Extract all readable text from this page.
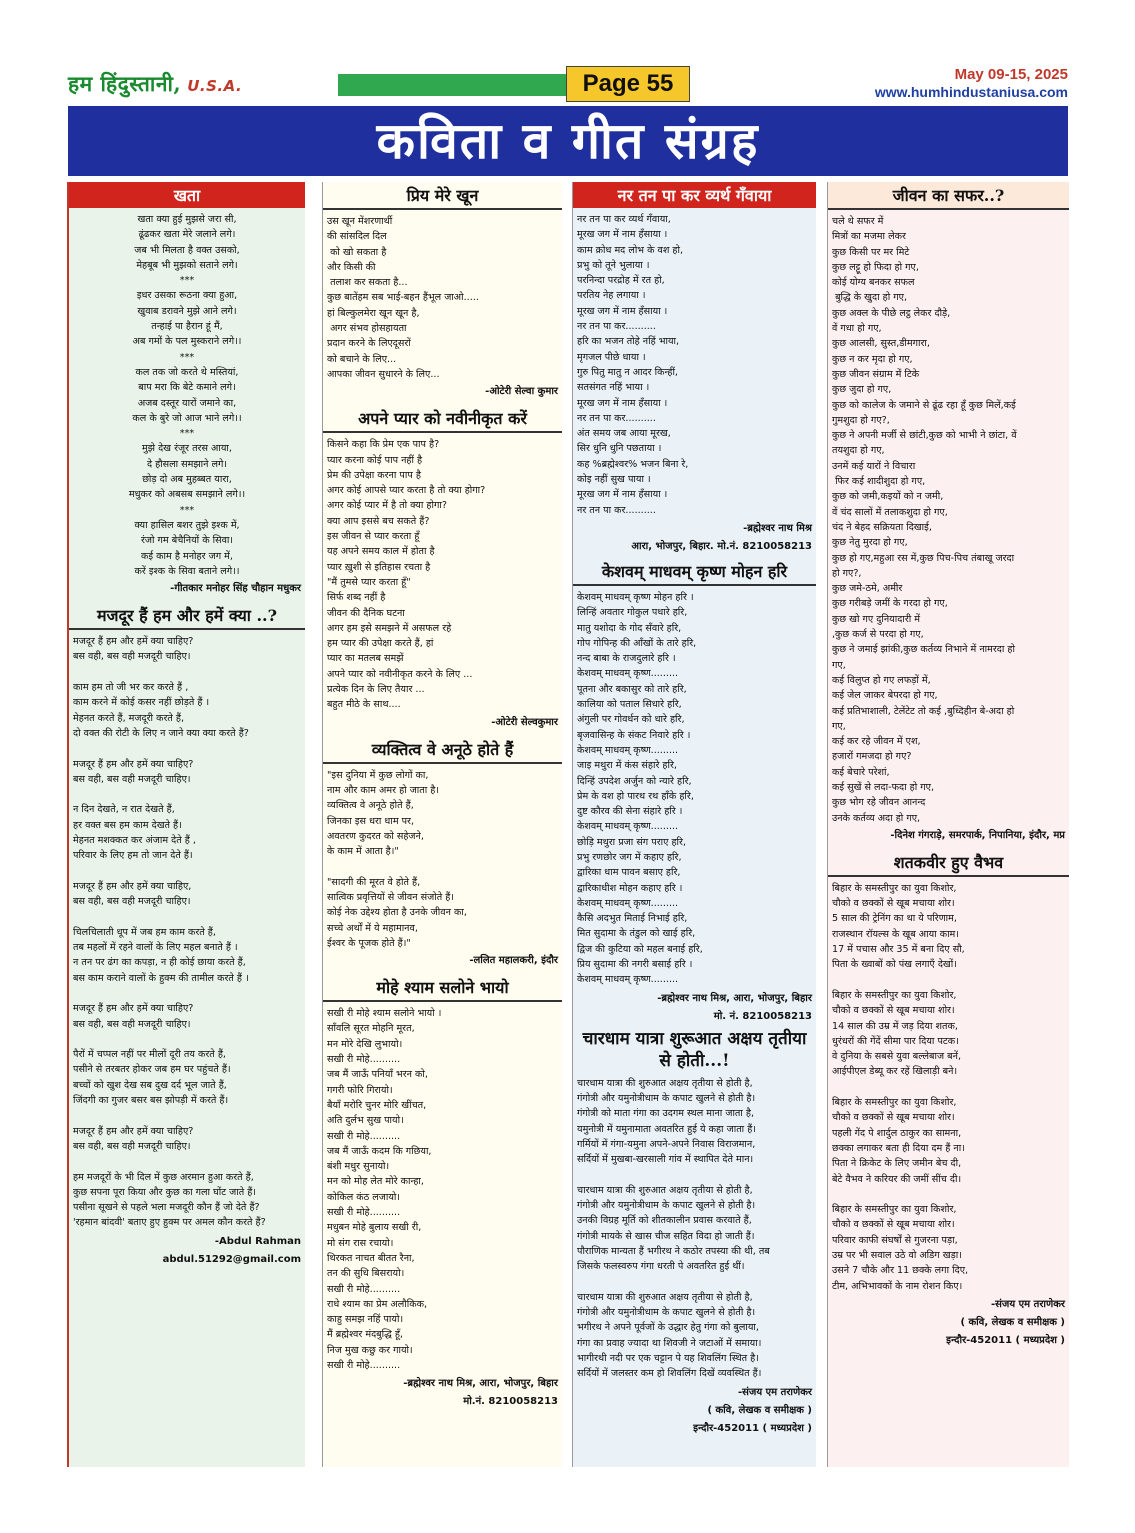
हम हिंदुस्तानी, U.S.A.	Page 55	May 09-15, 2025
www.humhindustaniusa.com
कविता व गीत संग्रह
खता
खता क्या हुई मुझसे जरा सी,
ढूंढकर खता मेरे जलाने लगे।
जब भी मिलता है वक्त उसको,
मेहबूब भी मुझको सताने लगे।
***
इधर उसका रूठना क्या हुआ,
खुवाब डरावने मुझे आने लगे।
तन्हाई पा हैरान हूं मैं,
अब गमों के पल मुस्कराने लगे।।
***
कल तक जो करते थे मस्तियां,
बाप मरा कि बेटे कमाने लगे।
अजब दस्तूर यारों जमाने का,
कल के बुरे जो आज भाने लगे।।
***
मुझे देख रंजूर तरस आया,
दे हौसला समझाने लगे।
छोड़ दो अब मुहब्बत यारा,
मधुकर को अबसब समझाने लगे।।
***
क्या हासिल बशर तुझे इश्क में,
रंजो गम बेचैनियों के सिवा।
कई काम है मनोहर जग में,
करें इश्क के सिवा बताने लगे।।
-गीतकार मनोहर सिंह चौहान मधुकर
मजदूर हैं हम और हमें क्या ..?
मजदूर हैं हम और हमें क्या चाहिए?
बस वही, बस वही मजदूरी चाहिए।

काम हम तो जी भर कर करते हैं ,
काम करने में कोई कसर नहीं छोड़ते हैं ।
मेहनत करते हैं, मजदूरी करते हैं,
दो वक्त की रोटी के लिए न जाने क्या क्या करते हैं?

मजदूर हैं हम और हमें क्या चाहिए?
बस वही, बस वही मजदूरी चाहिए।

न दिन देखते, न रात देखते हैं,
हर वक्त बस हम काम देखते हैं।
मेहनत मशक्कत कर अंजाम देते हैं ,
परिवार के लिए हम तो जान देते हैं।

मजदूर हैं हम और हमें क्या चाहिए,
बस वही, बस वही मजदूरी चाहिए।

चिलचिलाती धूप में जब हम काम करते हैं,
तब महलों में रहने वालों के लिए महल बनाते हैं ।
न तन पर ढंग का कपड़ा, न ही कोई छाया करते हैं,
बस काम कराने वालों के हुक्म की तामील करते हैं ।

मजदूर हैं हम और हमें क्या चाहिए?
बस वही, बस वही मजदूरी चाहिए।

पैरों में चप्पल नहीं पर मीलों दूरी तय करते हैं,
पसीने से तरबतर होकर जब हम घर पहुंचते हैं।
बच्चों को खुश देख सब दुख दर्द भूल जाते हैं,
जिंदगी का गुजर बसर बस झोपड़ी में करते हैं।

मजदूर हैं हम और हमें क्या चाहिए?
बस वही, बस वही मजदूरी चाहिए।

हम मजदूरों के भी दिल में कुछ अरमान हुआ करते हैं,
कुछ सपना पूरा किया और कुछ का गला घोंट जाते हैं।
पसीना सूखने से पहले भला मजदूरी कौन हैं जो देते हैं?
'रहमान बांदवी' बताए हुए हुक्म पर अमल कौन करते हैं?
-Abdul Rahman
abdul.51292@gmail.com
प्रिय मेरे खून
उस खून मेंशरणार्थी
की सांसदिल दिल
को खो सकता है
और किसी की
तलाश कर सकता है...
कुछ बातेंहम सब भाई-बहन हैंभूल जाओ.....
हां बिल्कुलमेरा खून खून है,
अगर संभव होसहायता
प्रदान करने के लिएदूसरों
को बचाने के लिए...
आपका जीवन सुधारने के लिए...
-ओटेरी सेल्वा कुमार
अपने प्यार को नवीनीकृत करें
किसने कहा कि प्रेम एक पाप है?
प्यार करना कोई पाप नहीं है
प्रेम की उपेक्षा करना पाप है
अगर कोई आपसे प्यार करता है तो क्या होगा?
अगर कोई प्यार में है तो क्या होगा?
क्या आप इससे बच सकते हैं?
इस जीवन से प्यार करता हूँ
यह अपने समय काल में होता है
प्यार ख़ुशी से इतिहास रचता है
"मैं तुमसे प्यार करता हूँ"
सिर्फ शब्द नहीं है
जीवन की दैनिक घटना
अगर हम इसे समझने में असफल रहे
हम प्यार की उपेक्षा करते हैं, हां
प्यार का मतलब समझें
अपने प्यार को नवीनीकृत करने के लिए ...
प्रत्येक दिन के लिए तैयार ...
बहुत मीठे के साथ....
-ओटेरी सेल्वकुमार
व्यक्तित्व वे अनूठे होते हैं
"इस दुनिया में कुछ लोगों का,
नाम और काम अमर हो जाता है।
व्यक्तित्व वे अनूठे होते हैं,
जिनका इस धरा धाम पर,
अवतरण कुदरत को सहेजने,
के काम में आता है।"

"सादगी की मूरत वे होते हैं,
सात्विक प्रवृत्तियों से जीवन संजोते हैं।
कोई नेक उद्देश्य होता है उनके जीवन का,
सच्चे अर्थों में ये महामानव,
ईश्वर के पूजक होते हैं।"
-ललित महालकरी, इंदौर
मोहे श्याम सलोने भायो
सखी री मोहे श्याम सलोने भायो ।
साँवलि सूरत मोहनि मूरत,
मन मोरे देखि लुभायो।
सखी री मोहे..........
जब मैं जाऊँ पनियाँ भरन को,
गगरी फोरि गिरायो।
बैयाँ मरोरि चुनर मोरि खींचत,
अति दुर्लभ सुख पायो।
सखी री मोहे..........
जब मैं जाऊँ कदम कि गछिया,
बंशी मधुर सुनायो।
मन को मोह लेत मोरे कान्हा,
कोकिल कंठ लजायो।
सखी री मोहे..........
मधुबन मोहे बुलाय सखी री,
मो संग रास रचायो।
थिरकत नाचत बीतत रैना,
तन की सुधि बिसरायो।
सखी री मोहे..........
राधे श्याम का प्रेम अलौकिक,
काहु समझ नहिं पायो।
मैं ब्रह्मेश्वर मंदबुद्धि हूँ,
निज मुख कछु कर गायो।
सखी री मोहे..........
-ब्रह्मेश्वर नाथ मिश्र, आरा, भोजपुर, बिहार
मो.नं. 8210058213
नर तन पा कर व्यर्थ गँवाया
नर तन पा कर व्यर्थ गँवाया,
मूरख जग में नाम हँसाया ।
काम क्रोध मद लोभ के वश हो,
प्रभु को तूने भुलाया ।
परनिन्दा परद्रोह में रत हो,
परतिय नेह लगाया ।
मूरख जग में नाम हँसाया ।
नर तन पा कर..........
हरि का भजन तोहे नहिं भाया,
मृगजल पीछे धाया ।
गुरु पितु मातु न आदर किन्हीं,
सतसंगत नहिं भाया ।
मूरख जग में नाम हँसाया ।
नर तन पा कर..........
अंत समय जब आया मूरख,
सिर धुनि धुनि पछताया ।
कह %ब्रह्मेश्वर% भजन बिना रे,
कोइ नहीं सुख पाया ।
मूरख जग में नाम हँसाया ।
नर तन पा कर..........
-ब्रह्मेश्वर नाथ मिश्र
आरा, भोजपुर, बिहार. मो.नं. 8210058213
केशवम् माधवम् कृष्ण मोहन हरि
केशवम् माधवम् कृष्ण मोहन हरि ।
लिन्हिं अवतार गोकुल पधारे हरि,
मातु यशोदा के गोद सँवारे हरि,
गोप गोपिन्ह की आँखों के तारे हरि,
नन्द बाबा के राजदुलारे हरि ।
केशवम् माधवम् कृष्ण.........
पूतना और बकासुर को तारे हरि,
कालिया को पताल सिधारे हरि,
अंगुली पर गोवर्धन को धारे हरि,
बृजवासिन्ह के संकट निवारे हरि ।
केशवम् माधवम् कृष्ण.........
जाइ मथुरा में कंस संहारे हरि,
दिन्हिं उपदेश अर्जुन को न्यारे हरि,
प्रेम के वश हो पारथ रथ हाँके हरि,
दुष्ट कौरव की सेना संहारे हरि ।
केशवम् माधवम् कृष्ण.........
छोड़ि मथुरा प्रजा संग पराए हरि,
प्रभु रणछोर जग में कहाए हरि,
द्वारिका धाम पावन बसाए हरि,
द्वारिकाधीश मोहन कहाए हरि ।
केशवम् माधवम् कृष्ण.........
कैसि अदभुत मिताई निभाई हरि,
मित सुदामा के तंडुल को खाई हरि,
द्विज की कुटिया को महल बनाई हरि,
प्रिय सुदामा की नगरी बसाई हरि ।
केशवम् माधवम् कृष्ण.........
-ब्रह्मेश्वर नाथ मिश्र, आरा, भोजपुर, बिहार
मो. नं. 8210058213
चारधाम यात्रा शुरूआत अक्षय तृतीया से होती...!
चारधाम यात्रा की शुरुआत अक्षय तृतीया से होती है,
गंगोत्री और यमुनोत्रीधाम के कपाट खुलने से होती है।
गंगोत्री को माता गंगा का उदगम स्थल माना जाता है,
यमुनोत्री में यमुनामाता अवतरित हुई ये कहा जाता हैं।
गर्मियों में गंगा-यमुना अपने-अपने निवास विराजमान,
सर्दियों में मुखबा-खरसाली गांव में स्थापित देते मान।

चारधाम यात्रा की शुरुआत अक्षय तृतीया से होती है,
गंगोत्री और यमुनोत्रीधाम के कपाट खुलने से होती है।
उनकी विग्रह मूर्ति को शीतकालीन प्रवास करवाते हैं,
गंगोत्री मायके से खास चीज सहित विदा हो जाती हैं।
पौराणिक मान्यता हैं भगीरथ ने कठोर तपस्या की थी, तब
जिसके फलस्वरुप गंगा धरती पे अवतरित हुई थीं।

चारधाम यात्रा की शुरुआत अक्षय तृतीया से होती है,
गंगोत्री और यमुनोत्रीधाम के कपाट खुलने से होती है।
भगीरथ ने अपने पूर्वजों के उद्धार हेतु गंगा को बुलाया,
गंगा का प्रवाह ज्यादा था शिवजी ने जटाओं में समाया।
भागीरथी नदी पर एक चट्टान पे यह शिवलिंग स्थित है।
सर्दियों में जलस्तर कम हो शिवलिंग दिखें व्यवस्थित हैं।
-संजय एम तराणेकर
( कवि, लेखक व समीक्षक )
इन्दौर-452011 ( मध्यप्रदेश )
जीवन का सफर..?
चले थे सफर में
मित्रों का मजमा लेकर
कुछ किसी पर मर मिटे
कुछ लट्टू हो फिदा हो गए,
कोई योग्य बनकर सफल
बुद्धि के खुदा हो गए,
कुछ अक्ल के पीछे लट्ठ लेकर दौड़े,
वें गधा हो गए,
कुछ आलसी, सुस्त,डीमगारा,
कुछ न कर मृदा हो गए,
कुछ जीवन संग्राम में टिके
कुछ जुदा हो गए,
कुछ को कालेज के जमाने से ढूंढ रहा हूँ कुछ मिलें,कई
गुमशुदा हो गए?,
कुछ ने अपनी मर्जी से छांटी,कुछ को भाभी ने छांटा, वें
तयशुदा हो गए,
उनमें कई यारों ने विचारा
फिर कई शादीशुदा हो गए,
कुछ को जमी,कइयों को न जमी,
वें चंद सालों में तलाकशुदा हो गए,
चंद ने बेहद सक्रियता दिखाई,
कुछ नेतु मुरदा हो गए,
कुछ हो गए,महुआ रस में,कुछ पिच-पिच तंबाखू जरदा
हो गए?,
कुछ जमे-ठमे, अमीर
कुछ गरीबड़े जमीं के गरदा हो गए,
कुछ खो गए दुनियादारी में
,कुछ कर्ज से परदा हो गए,
कुछ ने जमाई झांकी,कुछ कर्तव्य निभाने में नामरदा हो
गए,
कई विलुप्त हो गए लफड़ों में,
कई जेल जाकर बेपरदा हो गए,
कई प्रतिभाशाली, टेलेंटेट तो कई ,बुध्दिहीन बे-अदा हो
गए,
कई कर रहे जीवन में एश,
हजारों गमजदा हो गए?
कई बेचारे परेशां,
कई सुखें से लदा-फदा हो गए,
कुछ भोग रहे जीवन आनन्द
उनके कर्तव्य अदा हो गए,
-दिनेश गंगराड़े, समरपार्क, निपानिया, इंदौर, मप्र
शतकवीर हुए वैभव
बिहार के समस्तीपुर का युवा किशोर,
चौको व छक्कों से खूब मचाया शोर।
5 साल की ट्रेनिंग का था ये परिणाम,
राजस्थान रॉयल्स के खूब आया काम।
17 में पचास और 35 में बना दिए सौ,
पिता के ख्वाबों को पंख लगाएँ देखों।

बिहार के समस्तीपुर का युवा किशोर,
चौको व छक्कों से खूब मचाया शोर।
14 साल की उम्र में जड़ दिया शतक,
धुरंधरों की गेंदें सीमा पार दिया पटक।
वे दुनिया के सबसे युवा बल्लेबाज बनें,
आईपीएल डेब्यू कर रहें खिलाड़ी बने।

बिहार के समस्तीपुर का युवा किशोर,
चौको व छक्कों से खूब मचाया शोर।
पहली गेंद पे शार्दुल ठाकुर का सामना,
छक्का लगाकर बता ही दिया दम हैं ना।
पिता ने क्रिकेट के लिए जमीन बेच दी,
बेटे वैभव ने करियर की जमीं सींच दी।

बिहार के समस्तीपुर का युवा किशोर,
चौको व छक्कों से खूब मचाया शोर।
परिवार काफी संघर्षों से गुजरना पड़ा,
उम्र पर भी सवाल उठे वो अडिग खड़ा।
उसने 7 चौके और 11 छक्के लगा दिए,
टीम, अभिभावकों के नाम रोशन किए।
-संजय एम तराणेकर
( कवि, लेखक व समीक्षक )
इन्दौर-452011 ( मध्यप्रदेश )
